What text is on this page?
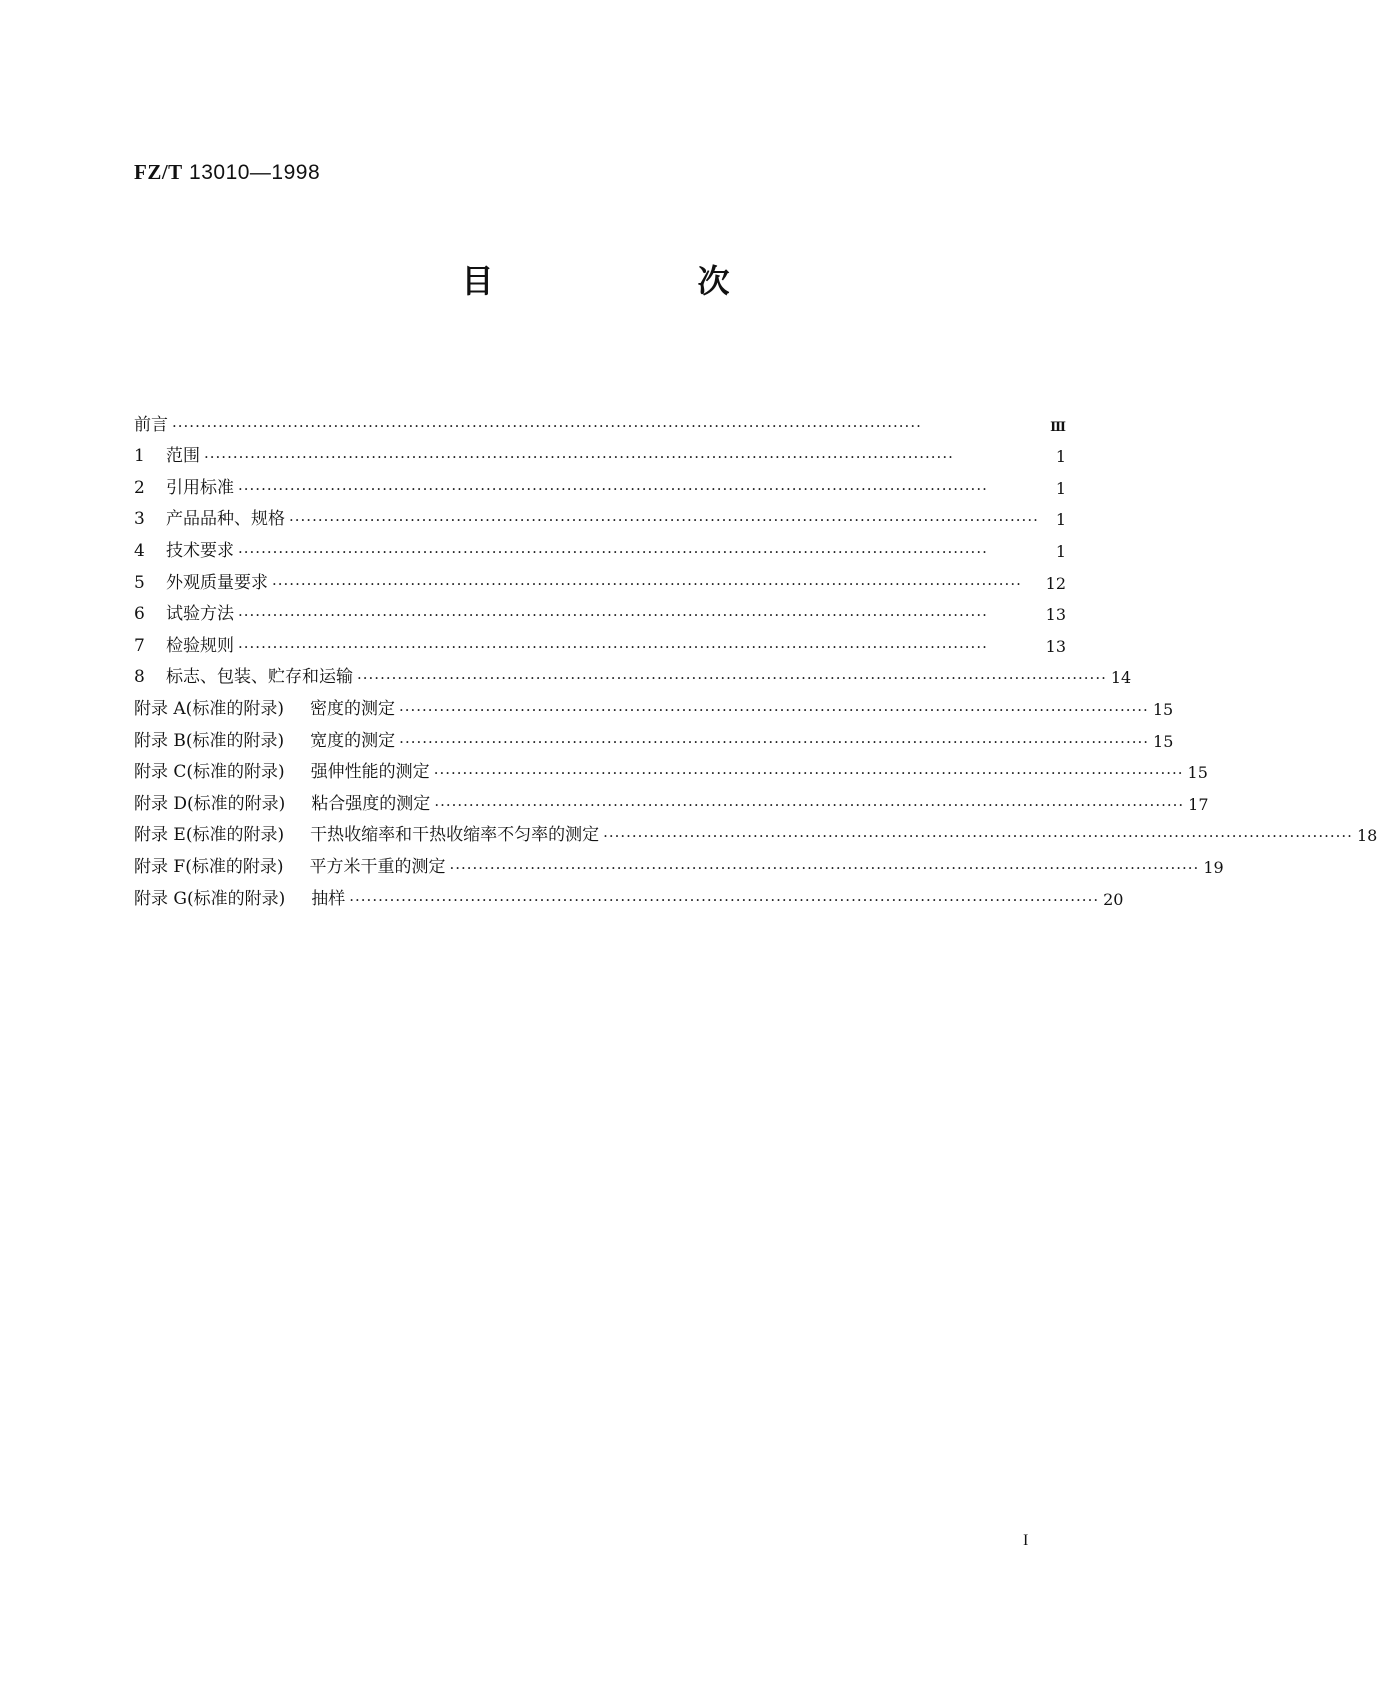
FZ/T 13010—1998
目　次
前言 ··································································································································	Ⅲ
1	范围 ··································································································································	1
2	引用标准 ··································································································································	1
3	产品品种、规格 ··································································································································	1
4	技术要求 ··································································································································	1
5	外观质量要求 ··································································································································	12
6	试验方法 ··································································································································	13
7	检验规则 ··································································································································	13
8	标志、包装、贮存和运输 ·································································································································· 14
附录 A(标准的附录) 密度的测定 ·································································································································· 15
附录 B(标准的附录) 宽度的测定 ·································································································································· 15
附录 C(标准的附录) 强伸性能的测定 ·································································································································· 15
附录 D(标准的附录) 粘合强度的测定 ·································································································································· 17
附录 E(标准的附录) 干热收缩率和干热收缩率不匀率的测定 ·································································································································· 18
附录 F(标准的附录) 平方米干重的测定 ·································································································································· 19
附录 G(标准的附录) 抽样 ·································································································································· 20
I
